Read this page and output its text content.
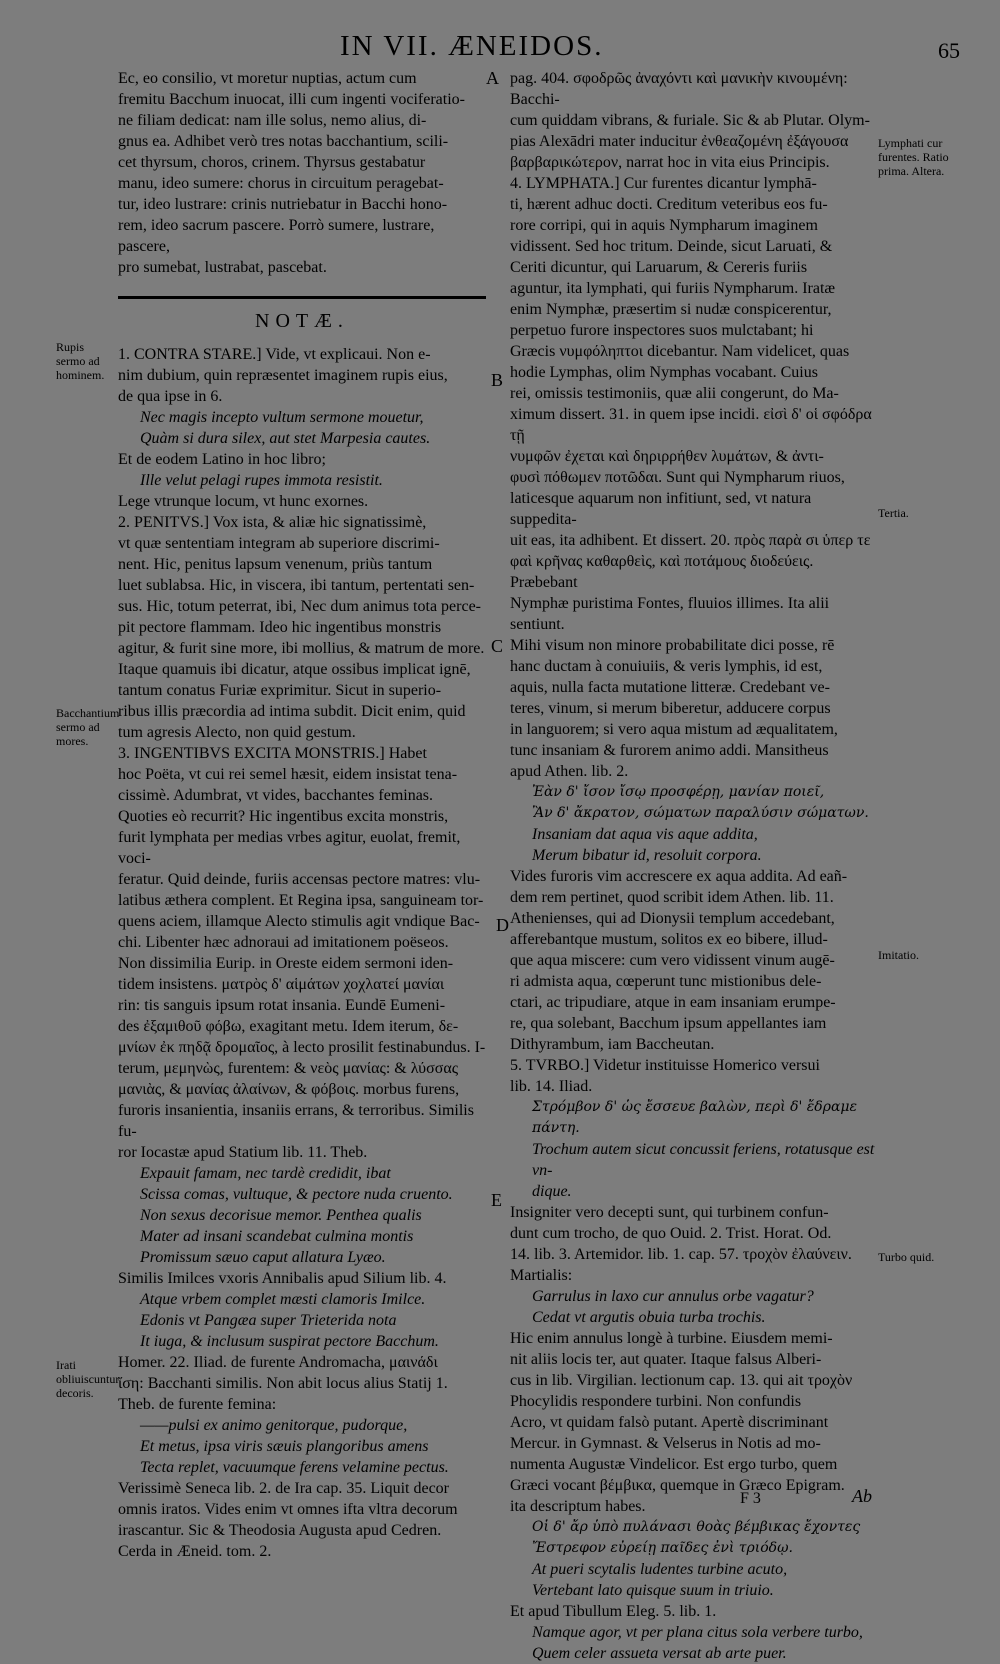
IN VII. ÆNEIDOS.	65

Ec, eo consilio, vt moretur nuptias, actum cum

fremitu Bacchum inuocat, illi cum ingenti vociferatio-

ne filiam dedicat: nam ille solus, nemo alius, di-

gnus ea. Adhibet verò tres notas bacchantium, scili-

cet thyrsum, choros, crinem. Thyrsus gestabatur

manu, ideo sumere: chorus in circuitum peragebat-

tur, ideo lustrare: crinis nutriebatur in Bacchi hono-

rem, ideo sacrum pascere. Porrò sumere, lustrare, pascere,

pro sumebat, lustrabat, pascebat.

NOTÆ.

1. CONTRA STARE.] Vide, vt explicaui. Non e-

nim dubium, quin repræsentet imaginem rupis eius,

de qua ipse in 6.

Nec magis incepto vultum sermone mouetur,

Quàm si dura silex, aut stet Marpesia cautes.

Et de eodem Latino in hoc libro;

Ille velut pelagi rupes immota resistit.

Lege vtrunque locum, vt hunc exornes.

2. PENITVS.] Vox ista, & aliæ hic signatissimè,

vt quæ sententiam integram ab superiore discrimi-

nent. Hic, penitus lapsum venenum, priùs tantum

luet sublabsa. Hic, in viscera, ibi tantum, pertentati sen-

sus. Hic, totum peterrat, ibi, Nec dum animus tota perce-

pit pectore flammam. Ideo hic ingentibus monstris

agitur, & furit sine more, ibi mollius, & matrum de more.

Itaque quamuis ibi dicatur, atque ossibus implicat ignē,

tantum conatus Furiæ exprimitur. Sicut in superio-

ribus illis præcordia ad intima subdit. Dicit enim, quid

tum agresis Alecto, non quid gestum.

3. INGENTIBVS EXCITA MONSTRIS.] Habet

hoc Poëta, vt cui rei semel hæsit, eidem insistat tena-

cissimè. Adumbrat, vt vides, bacchantes feminas.

Quoties eò recurrit? Hic ingentibus excita monstris,

furit lymphata per medias vrbes agitur, euolat, fremit, voci-

feratur. Quid deinde, furiis accensas pectore matres: vlu-

latibus æthera complent. Et Regina ipsa, sanguineam tor-

quens aciem, illamque Alecto stimulis agit vndique Bac-

chi. Libenter hæc adnoraui ad imitationem poëseos.

Non dissimilia Eurip. in Oreste eidem sermoni iden-

tidem insistens. ματρὸς δ' αἱμάτων χοχλατεί μανίαι

rin: tis sanguis ipsum rotat insania. Eundē Eumeni-

des ἐξαμιθοῦ φόβω, exagitant metu. Idem iterum, δε-

μνίων ἐκ πηδᾷ δρομαῖος, à lecto prosilit festinabundus. I-

terum, μεμηνὼς, furentem: & νεὸς μανίας: & λύσσας

μανιὰς, & μανίας ἀλαίνων, & φόβοις. morbus furens,

furoris insanientia, insaniis errans, & terroribus. Similis fu-

ror Iocastæ apud Statium lib. 11. Theb.

Expauit famam, nec tardè credidit, ibat

Scissa comas, vultuque, & pectore nuda cruento.

Non sexus decorisue memor. Penthea qualis

Mater ad insani scandebat culmina montis

Promissum sæuo caput allatura Lyæo.

Similis Imilces vxoris Annibalis apud Silium lib. 4.

Atque vrbem complet mæsti clamoris Imilce.

Edonis vt Pangæa super Trieterida nota

It iuga, & inclusum suspirat pectore Bacchum.

Homer. 22. Iliad. de furente Andromacha, μαινάδι

ἴση: Bacchanti similis. Non abit locus alius Statij 1.

Theb. de furente femina:

——pulsi ex animo genitorque, pudorque,

Et metus, ipsa viris sæuis plangoribus amens

Tecta replet, vacuumque ferens velamine pectus.

Verissimè Seneca lib. 2. de Ira cap. 35. Liquit decor

omnis iratos. Vides enim vt omnes ifta vltra decorum

irascantur. Sic & Theodosia Augusta apud Cedren.

Cerda in Æneid. tom. 2.

pag. 404. σφοδρῶς ἀναχόντι καὶ μανικὴν κινουμένη: Bacchi-

cum quiddam vibrans, & furiale. Sic & ab Plutar. Olym-

pias Alexādri mater inducitur ἐνθεαζομένη ἐξάγουσα

βαρβαρικώτερον, narrat hoc in vita eius Principis.

4. LYMPHATA.] Cur furentes dicantur lymphā-

ti, hærent adhuc docti. Creditum veteribus eos fu-

rore corripi, qui in aquis Nympharum imaginem

vidissent. Sed hoc tritum. Deinde, sicut Laruati, &

Ceriti dicuntur, qui Laruarum, & Cereris furiis

aguntur, ita lymphati, qui furiis Nympharum. Iratæ

enim Nymphæ, præsertim si nudæ conspicerentur,

perpetuo furore inspectores suos mulctabant; hi

Græcis νυμφόληπτοι dicebantur. Nam videlicet, quas

hodie Lymphas, olim Nymphas vocabant. Cuius

rei, omissis testimoniis, quæ alii congerunt, do Ma-

ximum dissert. 31. in quem ipse incidi. εἰσὶ δ' οἱ σφόδρα τῇ

νυμφῶν ἐχεται καὶ δηριρρήθεν λυμάτων, & ἀντι-

φυσὶ πόθωμεν ποτῶδαι. Sunt qui Nympharum riuos,

laticesque aquarum non infitiunt, sed, vt natura suppedita-

uit eas, ita adhibent. Et dissert. 20. πρὸς παρὰ σι ὑπερ τε

φαὶ κρῆνας καθαρθεὶς, καὶ ποτάμους διοδεύεις. Præbebant

Nymphæ puristima Fontes, fluuios illimes. Ita alii sentiunt.

Mihi visum non minore probabilitate dici posse, rē

hanc ductam à conuiuiis, & veris lymphis, id est,

aquis, nulla facta mutatione litteræ. Credebant ve-

teres, vinum, si merum biberetur, adducere corpus

in languorem; si vero aqua mistum ad æqualitatem,

tunc insaniam & furorem animo addi. Mansitheus

apud Athen. lib. 2.

Ἐὰν δ' ἴσον ἴσῳ προσφέρῃ, μανίαν ποιεῖ,

Ἂν δ' ἄκρατον, σώματων παραλύσιν σώματων.

Insaniam dat aqua vis aque addita,

Merum bibatur id, resoluit corpora.

Vides furoris vim accrescere ex aqua addita. Ad eañ-

dem rem pertinet, quod scribit idem Athen. lib. 11.

Athenienses, qui ad Dionysii templum accedebant,

afferebantque mustum, solitos ex eo bibere, illud-

que aqua miscere: cum vero vidissent vinum augē-

ri admista aqua, cœperunt tunc mistionibus dele-

ctari, ac tripudiare, atque in eam insaniam erumpe-

re, qua solebant, Bacchum ipsum appellantes iam

Dithyrambum, iam Baccheutan.

5. TVRBO.] Videtur instituisse Homerico versui

lib. 14. Iliad.

Στρόμβον δ' ὡς ἔσσευε βαλὼν, περὶ δ' ἔδραμε πάντη.

Trochum autem sicut concussit feriens, rotatusque est vn-

dique.

Insigniter vero decepti sunt, qui turbinem confun-

dunt cum trocho, de quo Ouid. 2. Trist. Horat. Od.

14. lib. 3. Artemidor. lib. 1. cap. 57. τροχὸν ἐλαύνειν.

Martialis:

Garrulus in laxo cur annulus orbe vagatur?

Cedat vt argutis obuia turba trochis.

Hic enim annulus longè à turbine. Eiusdem memi-

nit aliis locis ter, aut quater. Itaque falsus Alberi-

cus in lib. Virgilian. lectionum cap. 13. qui ait τροχὸν

Phocylidis respondere turbini. Non confundis

Acro, vt quidam falsò putant. Apertè discriminant

Mercur. in Gymnast. & Velserus in Notis ad mo-

numenta Augustæ Vindelicor. Est ergo turbo, quem

Græci vocant βέμβικα, quemque in Græco Epigram.

ita descriptum habes.

Οἱ δ' ἄρ ὑπὸ πυλάνασι θοὰς βέμβικας ἔχοντες

Ἔστρεφον εὐρείῃ παῖδες ἐνὶ τριόδῳ.

At pueri scytalis ludentes turbine acuto,

Vertebant lato quisque suum in triuio.

Et apud Tibullum Eleg. 5. lib. 1.

Namque agor, vt per plana citus sola verbere turbo,

Quem celer assueta versat ab arte puer.

A
B
C
D
E
Rupis sermo ad hominem.
Bacchantium sermo ad mores.
Irati obliuiscuntur decoris.
Lymphati cur furentes. Ratio prima. Altera.
Tertia.
Imitatio.
Turbo quid.
F 3	Ab
